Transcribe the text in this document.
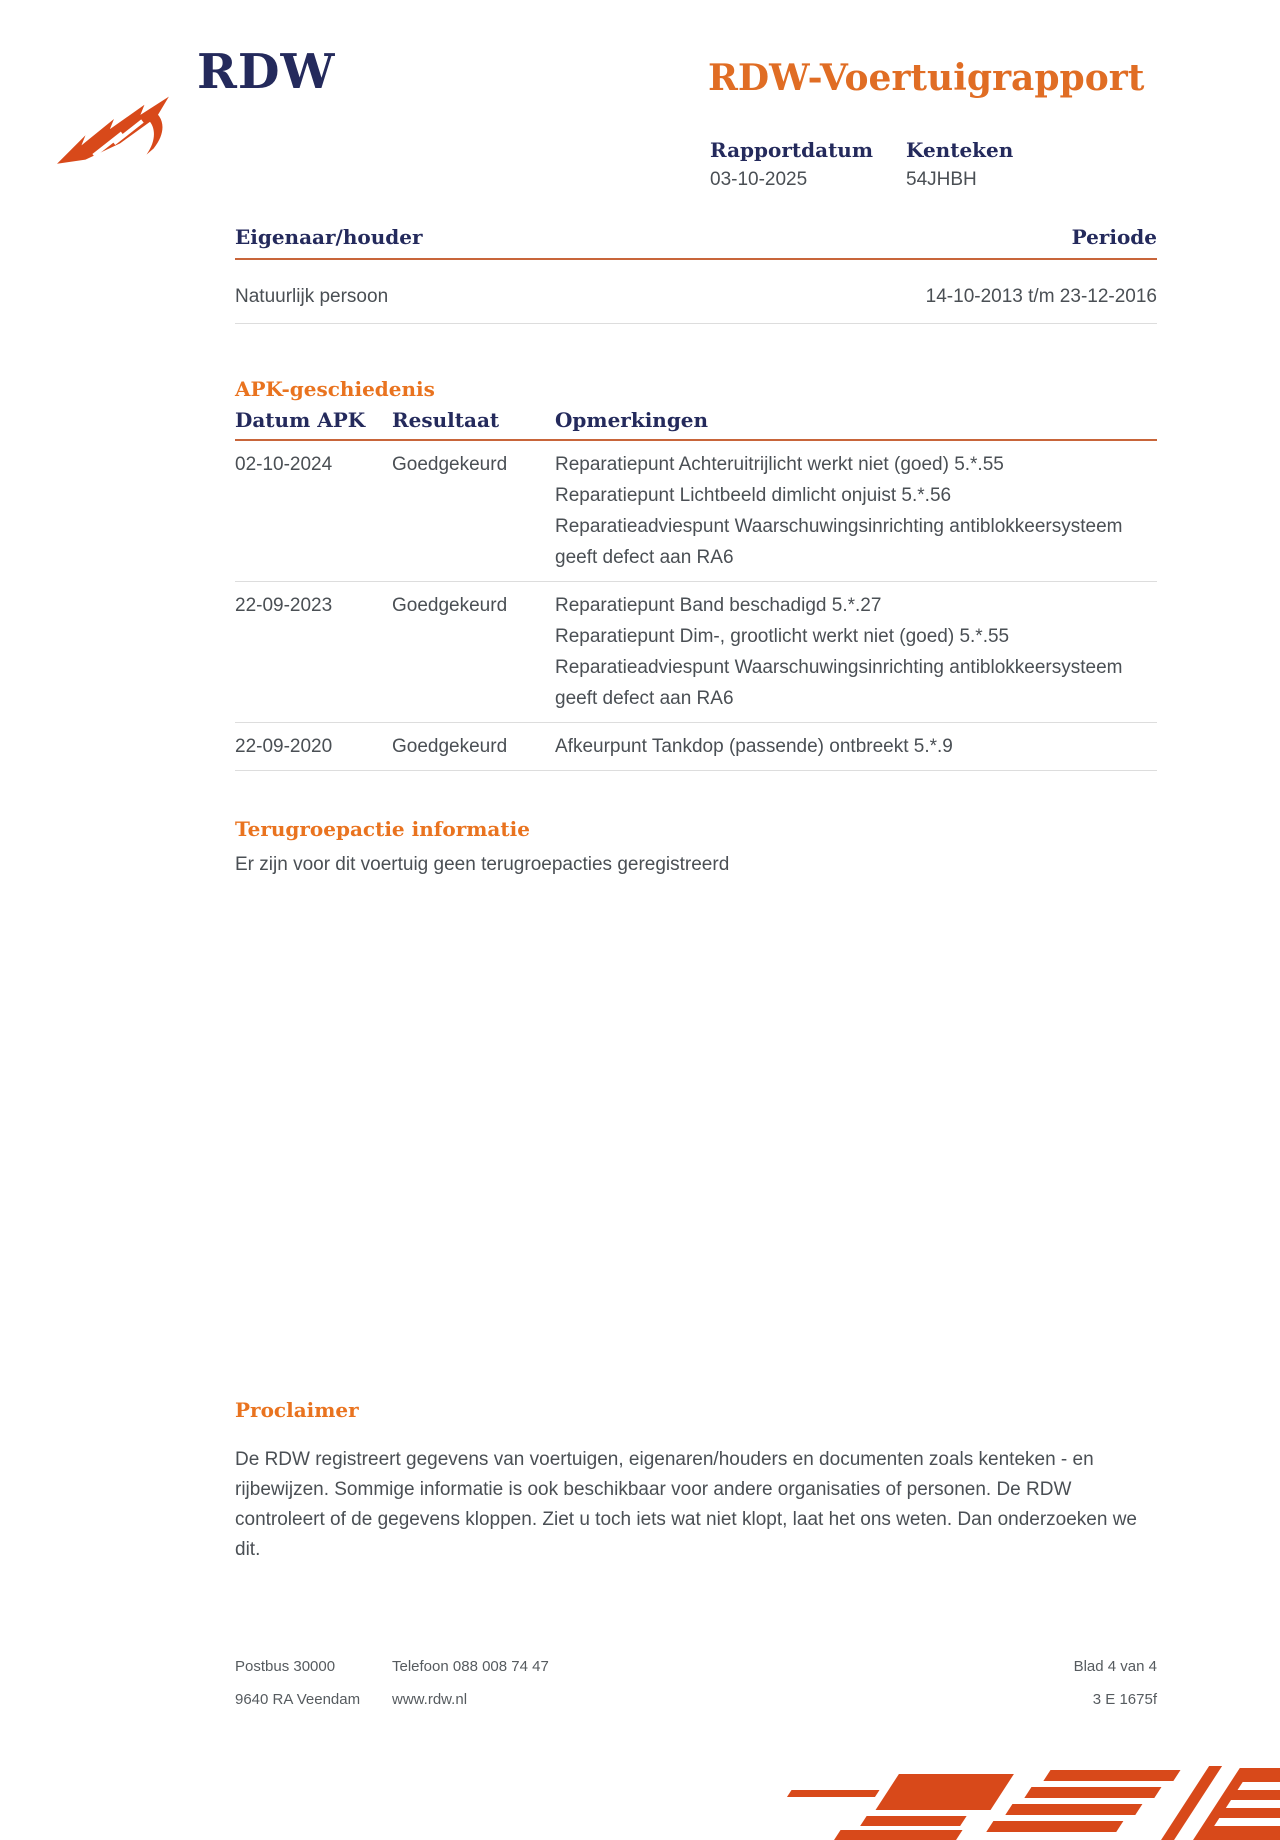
RDW	RDW-Voertuigrapport
Rapportdatum	Kenteken
03-10-2025	54JHBH
Eigenaar/houder	Periode
Natuurlijk persoon	14-10-2013 t/m 23-12-2016
APK-geschiedenis
Datum APK	Resultaat	Opmerkingen
02-10-2024	Goedgekeurd	Reparatiepunt Achteruitrijlicht werkt niet (goed) 5.*.55
Reparatiepunt Lichtbeeld dimlicht onjuist 5.*.56
Reparatieadviespunt Waarschuwingsinrichting antiblokkeersysteem
geeft defect aan RA6
22-09-2023	Goedgekeurd	Reparatiepunt Band beschadigd 5.*.27
Reparatiepunt Dim-, grootlicht werkt niet (goed) 5.*.55
Reparatieadviespunt Waarschuwingsinrichting antiblokkeersysteem
geeft defect aan RA6
22-09-2020	Goedgekeurd	Afkeurpunt Tankdop (passende) ontbreekt 5.*.9
Terugroepactie informatie
Er zijn voor dit voertuig geen terugroepacties geregistreerd
Proclaimer

De RDW registreert gegevens van voertuigen, eigenaren/houders en documenten zoals kenteken - en rijbewijzen. Sommige informatie is ook beschikbaar voor andere organisaties of personen. De RDW controleert of de gegevens kloppen. Ziet u toch iets wat niet klopt, laat het ons weten. Dan onderzoeken we dit.

Postbus 30000	Telefoon 088 008 74 47	Blad 4 van 4
9640 RA Veendam	www.rdw.nl	3 E 1675f
